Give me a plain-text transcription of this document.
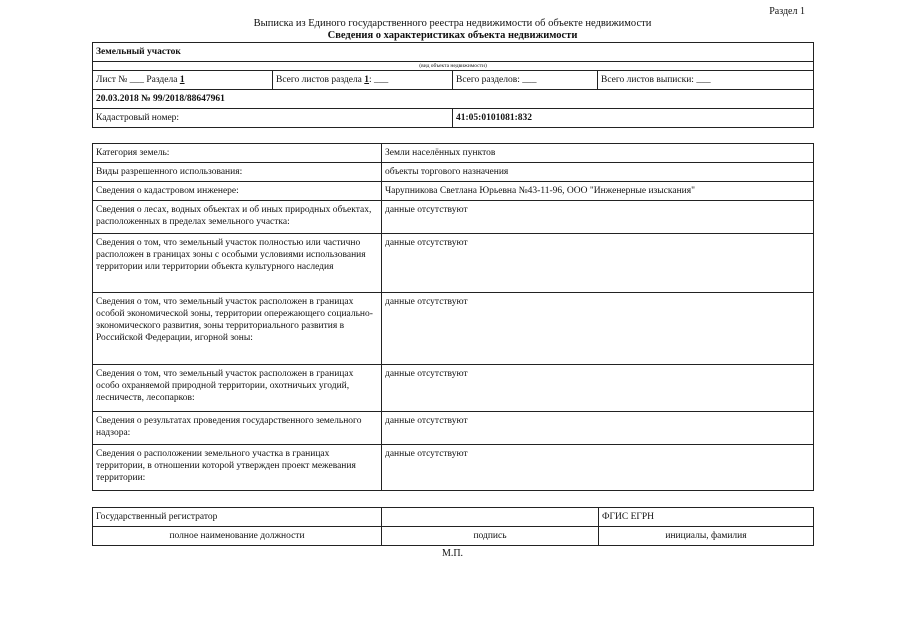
Раздел 1
Выписка из Единого государственного реестра недвижимости об объекте недвижимости
Сведения о характеристиках объекта недвижимости
Земельный участок			
(вид объекта недвижимости)			
Лист № ___ Раздела 1	Всего листов раздела 1: ___	Всего разделов: ___	Всего листов выписки: ___
20.03.2018 № 99/2018/88647961			
Кадастровый номер:		41:05:0101081:832	
Категория земель:	Земли населённых пунктов
Виды разрешенного использования:	объекты торгового назначения
Сведения о кадастровом инженере:	Чарупникова Светлана Юрьевна №43-11-96, ООО "Инженерные изыскания"
Сведения о лесах, водных объектах и об иных природных объектах, расположенных в пределах земельного участка:	данные отсутствуют
Сведения о том, что земельный участок полностью или частично расположен в границах зоны с особыми условиями использования территории или территории объекта культурного наследия	данные отсутствуют
Сведения о том, что земельный участок расположен в границах особой экономической зоны, территории опережающего социально-экономического развития, зоны территориального развития в Российской Федерации, игорной зоны:	данные отсутствуют
Сведения о том, что земельный участок расположен в границах особо охраняемой природной территории, охотничьих угодий, лесничеств, лесопарков:	данные отсутствуют
Сведения о результатах проведения государственного земельного надзора:	данные отсутствуют
Сведения о расположении земельного участка в границах территории, в отношении которой утвержден проект межевания территории:	данные отсутствуют
Государственный регистратор		ФГИС ЕГРН
полное наименование должности	подпись	инициалы, фамилия
М.П.
